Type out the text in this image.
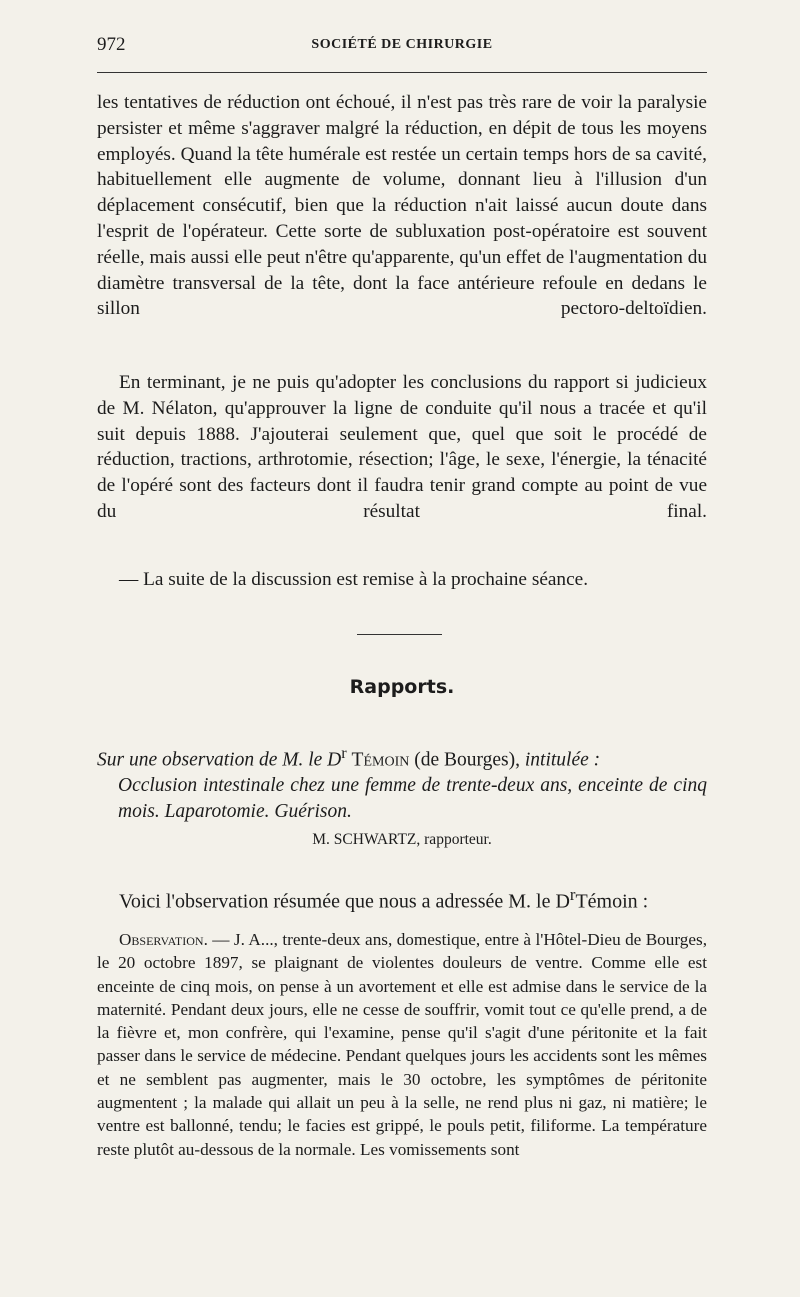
972	SOCIÉTÉ DE CHIRURGIE

les tentatives de réduction ont échoué, il n'est pas très rare de voir la paralysie persister et même s'aggraver malgré la réduction, en dépit de tous les moyens employés. Quand la tête humérale est restée un certain temps hors de sa cavité, habituellement elle augmente de volume, donnant lieu à l'illusion d'un déplacement consécutif, bien que la réduction n'ait laissé aucun doute dans l'esprit de l'opérateur. Cette sorte de subluxation post-opératoire est souvent réelle, mais aussi elle peut n'être qu'apparente, qu'un effet de l'augmentation du diamètre transversal de la tête, dont la face antérieure refoule en dedans le sillon pectoro-deltoïdien.

En terminant, je ne puis qu'adopter les conclusions du rapport si judicieux de M. Nélaton, qu'approuver la ligne de conduite qu'il nous a tracée et qu'il suit depuis 1888. J'ajouterai seulement que, quel que soit le procédé de réduction, tractions, arthrotomie, résection; l'âge, le sexe, l'énergie, la ténacité de l'opéré sont des facteurs dont il faudra tenir grand compte au point de vue du résultat final.

— La suite de la discussion est remise à la prochaine séance.

Rapports.

Sur une observation de M. le $D^r$ Témoin (de Bourges), intitulée :
Occlusion intestinale chez une femme de trente-deux ans, enceinte de cinq mois. Laparotomie. Guérison.

M. SCHWARTZ, rapporteur.

Voici l'observation résumée que nous a adressée M. le $D^rTémoin$ :

Observation. — J. A..., trente-deux ans, domestique, entre à l'Hôtel-Dieu de Bourges, le 20 octobre 1897, se plaignant de violentes douleurs de ventre. Comme elle est enceinte de cinq mois, on pense à un avortement et elle est admise dans le service de la maternité. Pendant deux jours, elle ne cesse de souffrir, vomit tout ce qu'elle prend, a de la fièvre et, mon confrère, qui l'examine, pense qu'il s'agit d'une péritonite et la fait passer dans le service de médecine. Pendant quelques jours les accidents sont les mêmes et ne semblent pas augmenter, mais le 30 octobre, les symptômes de péritonite augmentent ; la malade qui allait un peu à la selle, ne rend plus ni gaz, ni matière; le ventre est ballonné, tendu; le facies est grippé, le pouls petit, filiforme. La température reste plutôt au-dessous de la normale. Les vomissements sont
